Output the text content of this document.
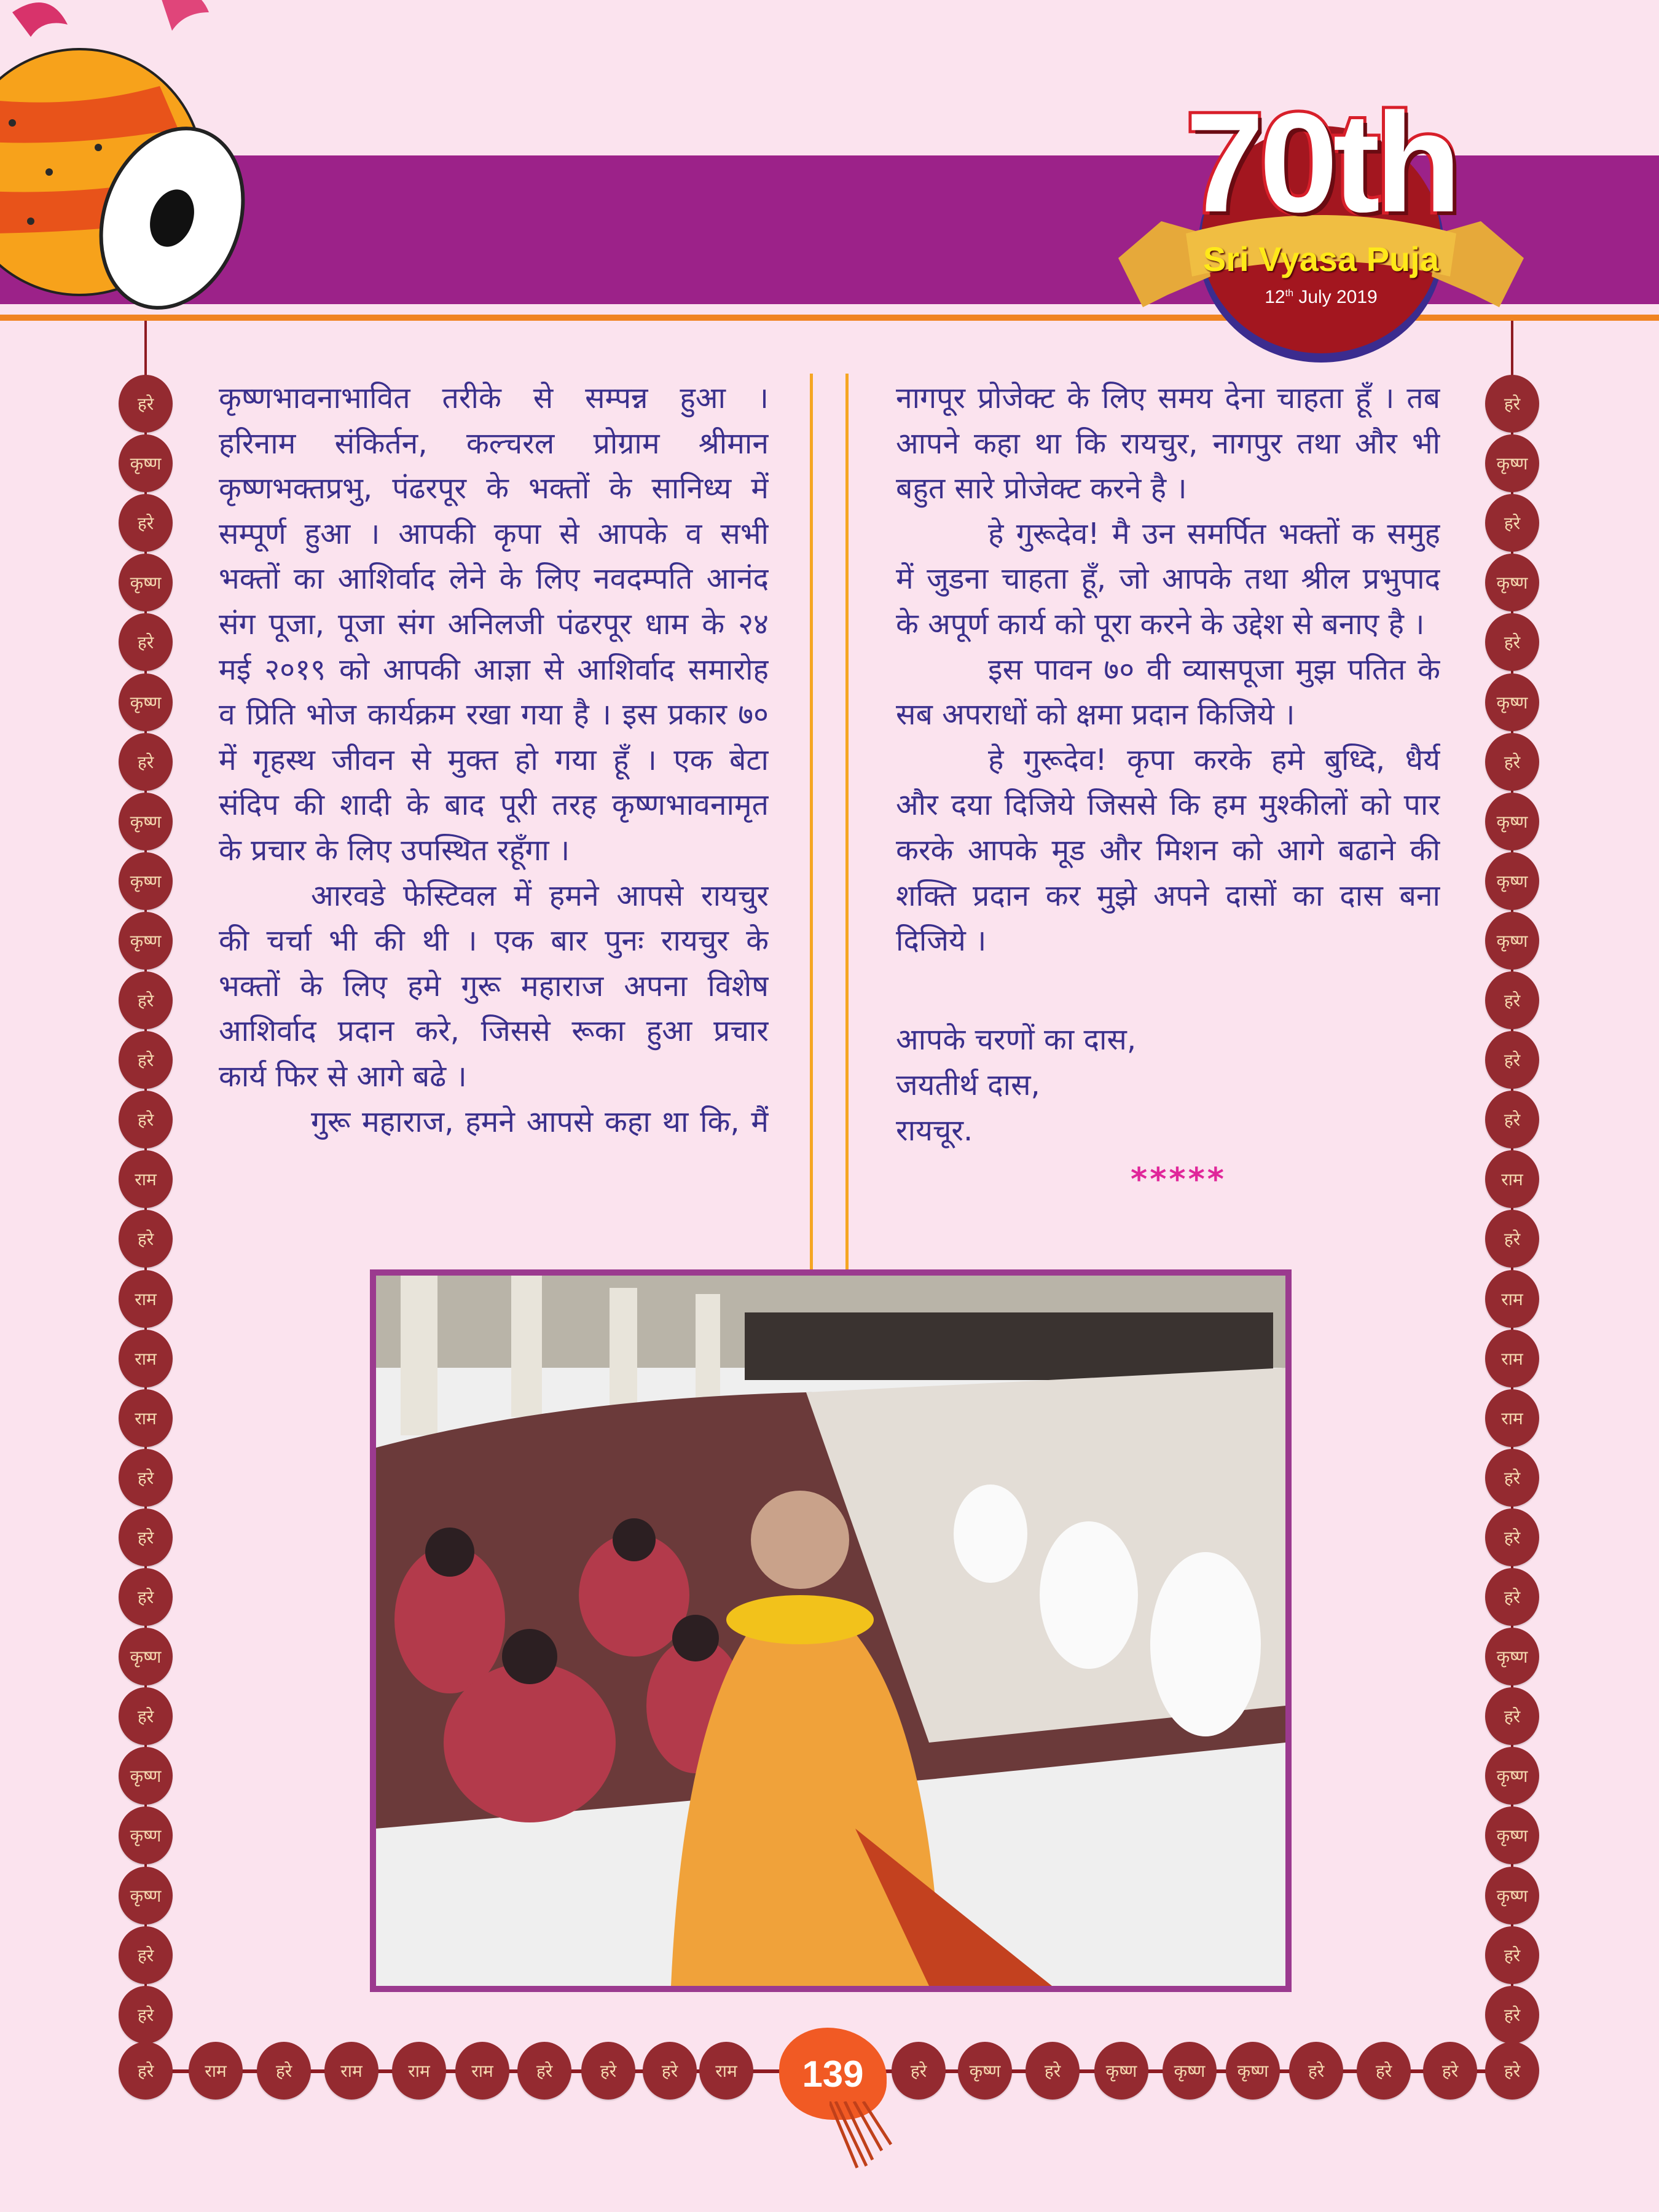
70th
Sri Vyasa Puja
12th July 2019
कृष्णभावनाभावित तरीके से सम्पन्न हुआ ।
हरिनाम संकिर्तन, कल्चरल प्रोग्राम श्रीमान
कृष्णभक्तप्रभु, पंढरपूर के भक्तों के सानिध्य में
सम्पूर्ण हुआ । आपकी कृपा से आपके व सभी
भक्तों का आशिर्वाद लेने के लिए नवदम्पति आनंद
संग पूजा, पूजा संग अनिलजी पंढरपूर धाम के २४
मई २०१९ को आपकी आज्ञा से आशिर्वाद समारोह
व प्रिति भोज कार्यक्रम रखा गया है । इस प्रकार ७०
में गृहस्थ जीवन से मुक्त हो गया हूँ । एक बेटा
संदिप की शादी के बाद पूरी तरह कृष्णभावनामृत
के प्रचार के लिए उपस्थित रहूँगा ।
आरवडे फेस्टिवल में हमने आपसे रायचुर
की चर्चा भी की थी । एक बार पुनः रायचुर के
भक्तों के लिए हमे गुरू महाराज अपना विशेष
आशिर्वाद प्रदान करे, जिससे रूका हुआ प्रचार
कार्य फिर से आगे बढे ।
गुरू महाराज, हमने आपसे कहा था कि, मैं
नागपूर प्रोजेक्ट के लिए समय देना चाहता हूँ । तब
आपने कहा था कि रायचुर, नागपुर तथा और भी
बहुत सारे प्रोजेक्ट करने है ।
हे गुरूदेव! मै उन समर्पित भक्तों क समुह
में जुडना चाहता हूँ, जो आपके तथा श्रील प्रभुपाद
के अपूर्ण कार्य को पूरा करने के उद्देश से बनाए है ।
इस पावन ७० वी व्यासपूजा मुझ पतित के
सब अपराधों को क्षमा प्रदान किजिये ।
हे गुरूदेव! कृपा करके हमे बुध्दि, धैर्य
और दया दिजिये जिससे कि हम मुश्कीलों को पार
करके आपके मूड और मिशन को आगे बढाने की
शक्ति प्रदान कर मुझे अपने दासों का दास बना
दिजिये ।
आपके चरणों का दास,
जयतीर्थ दास,
रायचूर.
*****
हरे
कृष्ण
हरे
कृष्ण
हरे
कृष्ण
हरे
कृष्ण
कृष्ण
कृष्ण
हरे
हरे
हरे
राम
हरे
राम
राम
राम
हरे
हरे
हरे
कृष्ण
हरे
कृष्ण
कृष्ण
कृष्ण
हरे
हरे
हरे
कृष्ण
हरे
कृष्ण
हरे
कृष्ण
हरे
कृष्ण
कृष्ण
कृष्ण
हरे
हरे
हरे
राम
हरे
राम
राम
राम
हरे
हरे
हरे
कृष्ण
हरे
कृष्ण
कृष्ण
कृष्ण
हरे
हरे
हरे	राम	हरे	राम	राम	राम	हरे	हरे	हरे	राम	हरे	कृष्ण	हरे	कृष्ण	कृष्ण	कृष्ण	हरे	हरे	हरे	हरे
139
